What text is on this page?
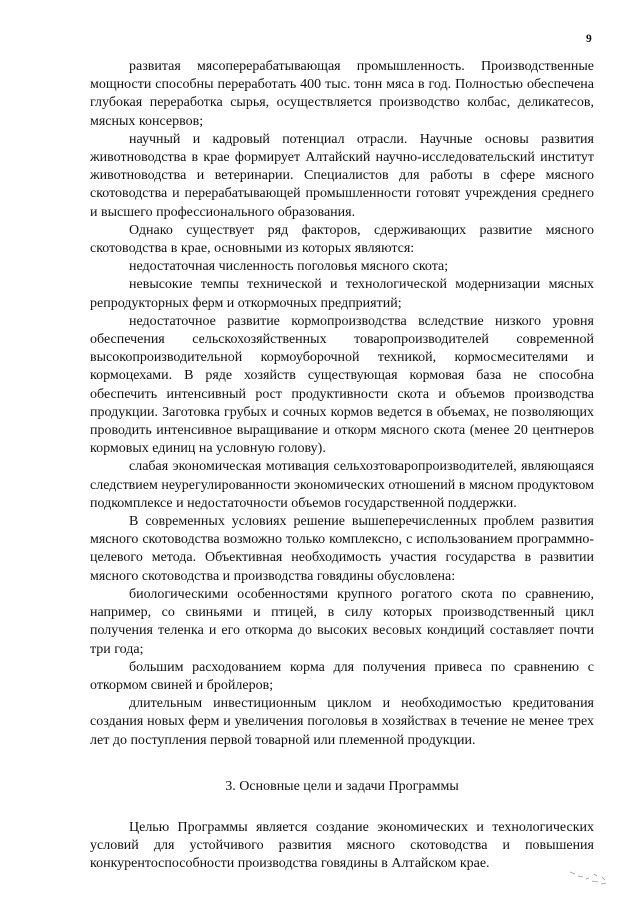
9

развитая мясоперерабатывающая промышленность. Производственные мощности способны переработать 400 тыс. тонн мяса в год. Полностью обеспечена глубокая переработка сырья, осуществляется производство колбас, деликатесов, мясных консервов;

научный и кадровый потенциал отрасли. Научные основы развития животноводства в крае формирует Алтайский научно-исследовательский институт животноводства и ветеринарии. Специалистов для работы в сфере мясного скотоводства и перерабатывающей промышленности готовят учреждения среднего и высшего профессионального образования.

Однако существует ряд факторов, сдерживающих развитие мясного скотоводства в крае, основными из которых являются:

недостаточная численность поголовья мясного скота;

невысокие темпы технической и технологической модернизации мясных репродукторных ферм и откормочных предприятий;

недостаточное развитие кормопроизводства вследствие низкого уровня обеспечения сельскохозяйственных товаропроизводителей современной высокопроизводительной кормоуборочной техникой, кормосмесителями и кормоцехами. В ряде хозяйств существующая кормовая база не способна обеспечить интенсивный рост продуктивности скота и объемов производства продукции. Заготовка грубых и сочных кормов ведется в объемах, не позволяющих проводить интенсивное выращивание и откорм мясного скота (менее 20 центнеров кормовых единиц на условную голову).

слабая экономическая мотивация сельхозтоваропроизводителей, являющаяся следствием неурегулированности экономических отношений в мясном продуктовом подкомплексе и недостаточности объемов государственной поддержки.

В современных условиях решение вышеперечисленных проблем развития мясного скотоводства возможно только комплексно, с использованием программно-целевого метода. Объективная необходимость участия государства в развитии мясного скотоводства и производства говядины обусловлена:

биологическими особенностями крупного рогатого скота по сравнению, например, со свиньями и птицей, в силу которых производственный цикл получения теленка и его откорма до высоких весовых кондиций составляет почти три года;

большим расходованием корма для получения привеса по сравнению с откормом свиней и бройлеров;

длительным инвестиционным циклом и необходимостью кредитования создания новых ферм и увеличения поголовья в хозяйствах в течение не менее трех лет до поступления первой товарной или племенной продукции.

3. Основные цели и задачи Программы

Целью Программы является создание экономических и технологических условий для устойчивого развития мясного скотоводства и повышения конкурентоспособности производства говядины в Алтайском крае.
